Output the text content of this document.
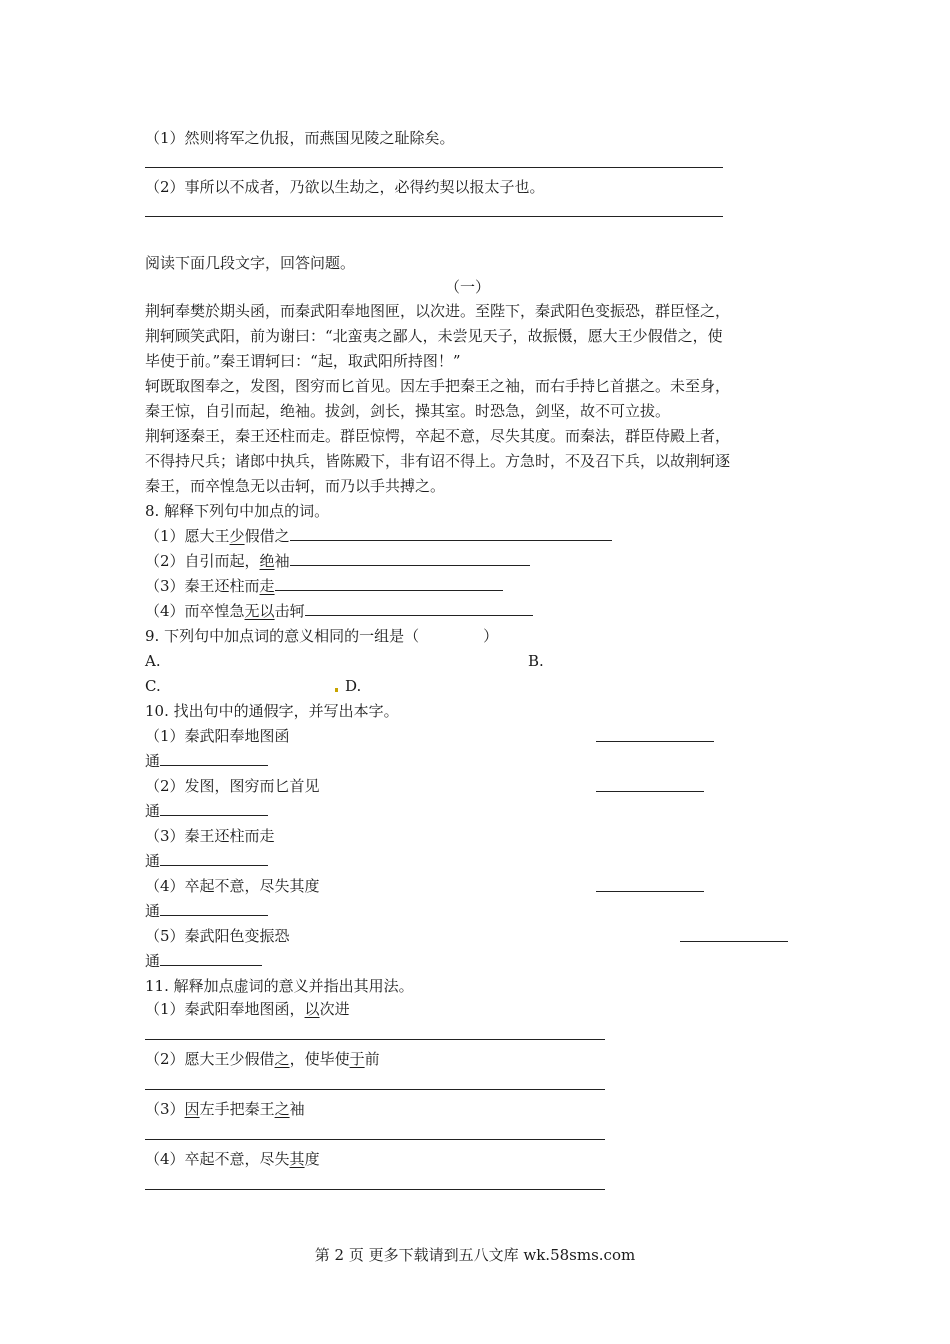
（1）然则将军之仇报，而燕国见陵之耻除矣。
（2）事所以不成者，乃欲以生劫之，必得约契以报太子也。
阅读下面几段文字，回答问题。
（一）
荆轲奉樊於期头函，而秦武阳奉地图匣，以次进。至陛下，秦武阳色变振恐，群臣怪之，
荆轲顾笑武阳，前为谢曰：“北蛮夷之鄙人，未尝见天子，故振慑，愿大王少假借之，使
毕使于前。”秦王谓轲曰：“起，取武阳所持图！”
轲既取图奉之，发图，图穷而匕首见。因左手把秦王之袖，而右手持匕首揕之。未至身，
秦王惊，自引而起，绝袖。拔剑，剑长，操其室。时恐急，剑坚，故不可立拔。
荆轲逐秦王，秦王还柱而走。群臣惊愕，卒起不意，尽失其度。而秦法，群臣侍殿上者，
不得持尺兵；诸郎中执兵，皆陈殿下，非有诏不得上。方急时，不及召下兵，以故荆轲逐
秦王，而卒惶急无以击轲，而乃以手共搏之。
8. 解释下列句中加点的词。
（1）愿大王少假借之
（2）自引而起，绝袖
（3）秦王还柱而走
（4）而卒惶急无以击轲
9. 下列句中加点词的意义相同的一组是（	）
A.	B.
C.	D.
10. 找出句中的通假字，并写出本字。
（1）秦武阳奉地图函
通
（2）发图，图穷而匕首见
通
（3）秦王还柱而走
通
（4）卒起不意，尽失其度
通
（5）秦武阳色变振恐
通
11. 解释加点虚词的意义并指出其用法。
（1）秦武阳奉地图函，以次进
（2）愿大王少假借之，使毕使于前
（3）因左手把秦王之袖
（4）卒起不意，尽失其度
第 2 页 更多下载请到五八文库 wk.58sms.com
